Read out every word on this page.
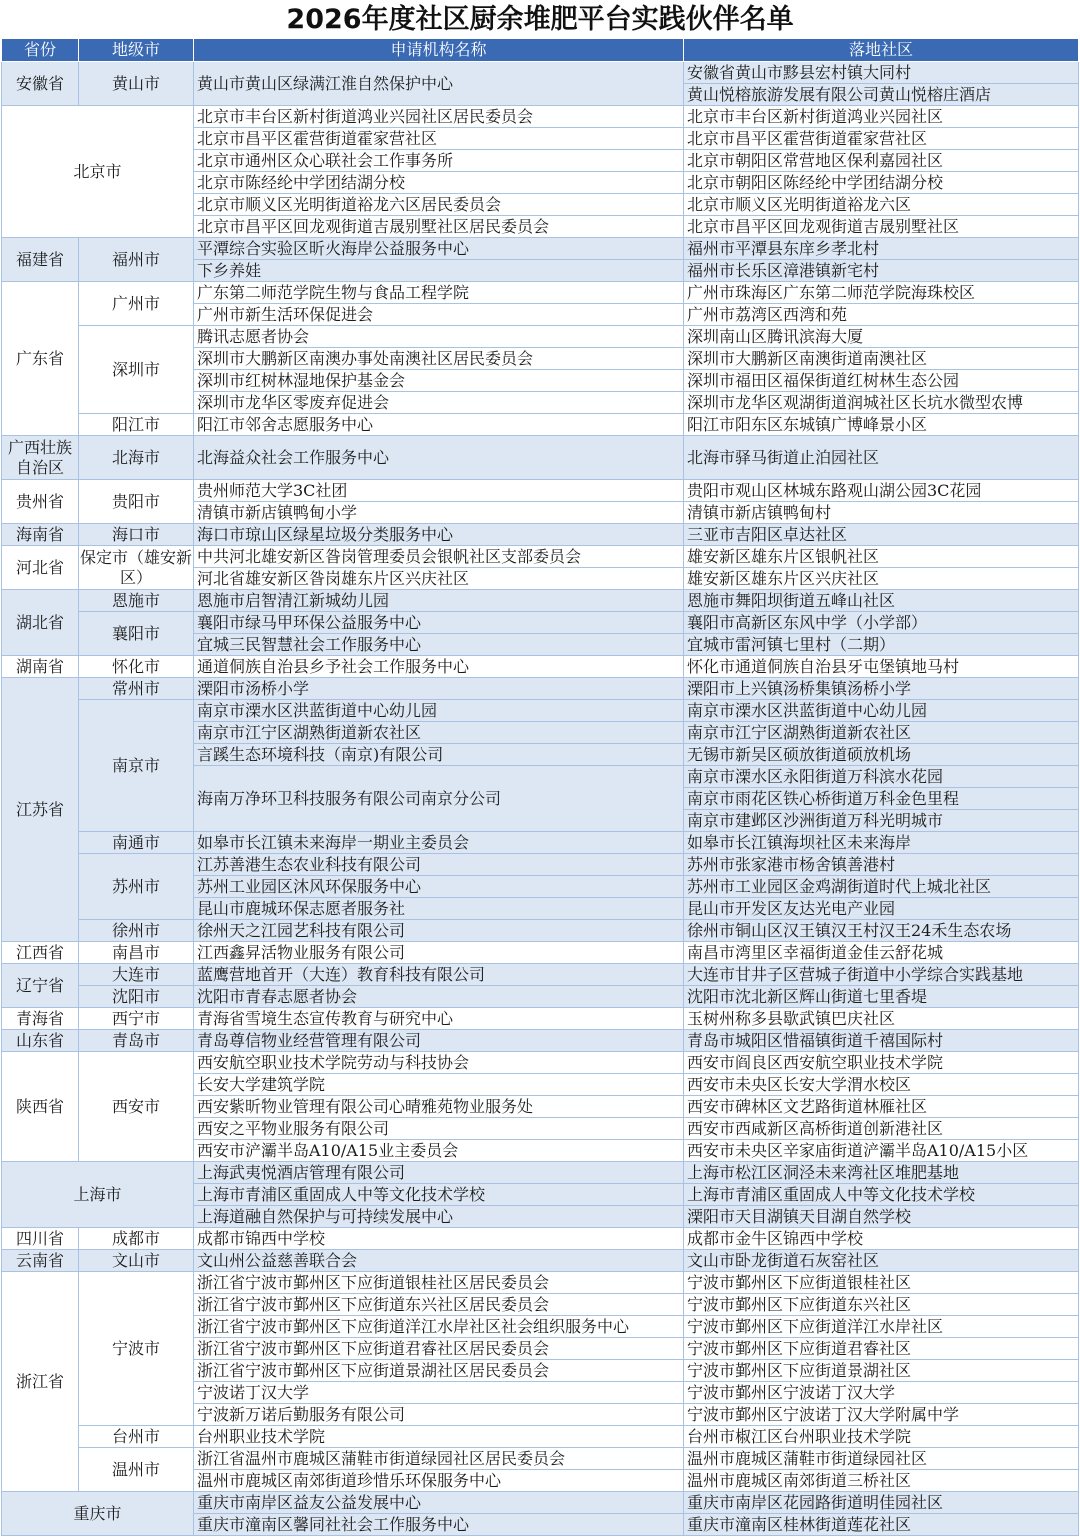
2026年度社区厨余堆肥平台实践伙伴名单
省份	地级市	申请机构名称	落地社区
安徽省	黄山市	黄山市黄山区绿满江淮自然保护中心	安徽省黄山市黟县宏村镇大同村
			黄山悦榕旅游发展有限公司黄山悦榕庄酒店
北京市		北京市丰台区新村街道鸿业兴园社区居民委员会	北京市丰台区新村街道鸿业兴园社区
		北京市昌平区霍营街道霍家营社区	北京市昌平区霍营街道霍家营社区
		北京市通州区众心联社会工作事务所	北京市朝阳区常营地区保利嘉园社区
		北京市陈经纶中学团结湖分校	北京市朝阳区陈经纶中学团结湖分校
		北京市顺义区光明街道裕龙六区居民委员会	北京市顺义区光明街道裕龙六区
		北京市昌平区回龙观街道吉晟别墅社区居民委员会	北京市昌平区回龙观街道吉晟别墅社区
福建省	福州市	平潭综合实验区昕火海岸公益服务中心	福州市平潭县东庠乡孝北村
		下乡养娃	福州市长乐区漳港镇新宅村
广东省	广州市	广东第二师范学院生物与食品工程学院	广州市珠海区广东第二师范学院海珠校区
		广州市新生活环保促进会	广州市荔湾区西湾和苑
	深圳市	腾讯志愿者协会	深圳南山区腾讯滨海大厦
		深圳市大鹏新区南澳办事处南澳社区居民委员会	深圳市大鹏新区南澳街道南澳社区
		深圳市红树林湿地保护基金会	深圳市福田区福保街道红树林生态公园
		深圳市龙华区零废弃促进会	深圳市龙华区观湖街道润城社区长坑水微型农博
	阳江市	阳江市邻舍志愿服务中心	阳江市阳东区东城镇广博峰景小区
广西壮族自治区	北海市	北海益众社会工作服务中心	北海市驿马街道止泊园社区
贵州省	贵阳市	贵州师范大学3C社团	贵阳市观山区林城东路观山湖公园3C花园
		清镇市新店镇鸭甸小学	清镇市新店镇鸭甸村
海南省	海口市	海口市琼山区绿星垃圾分类服务中心	三亚市吉阳区卓达社区
河北省	保定市（雄安新区）	中共河北雄安新区昝岗管理委员会银帆社区支部委员会	雄安新区雄东片区银帆社区
		河北省雄安新区昝岗雄东片区兴庆社区	雄安新区雄东片区兴庆社区
湖北省	恩施市	恩施市启智清江新城幼儿园	恩施市舞阳坝街道五峰山社区
	襄阳市	襄阳市绿马甲环保公益服务中心	襄阳市高新区东风中学（小学部）
		宜城三民智慧社会工作服务中心	宜城市雷河镇七里村（二期）
湖南省	怀化市	通道侗族自治县乡予社会工作服务中心	怀化市通道侗族自治县牙屯堡镇地马村
江苏省	常州市	溧阳市汤桥小学	溧阳市上兴镇汤桥集镇汤桥小学
	南京市	南京市溧水区洪蓝街道中心幼儿园	南京市溧水区洪蓝街道中心幼儿园
		南京市江宁区湖熟街道新农社区	南京市江宁区湖熟街道新农社区
		言蹊生态环境科技（南京)有限公司	无锡市新吴区硕放街道硕放机场
		海南万净环卫科技服务有限公司南京分公司	南京市溧水区永阳街道万科滨水花园
			南京市雨花区铁心桥街道万科金色里程
			南京市建邺区沙洲街道万科光明城市
	南通市	如皋市长江镇未来海岸一期业主委员会	如皋市长江镇海坝社区未来海岸
	苏州市	江苏善港生态农业科技有限公司	苏州市张家港市杨舍镇善港村
		苏州工业园区沐风环保服务中心	苏州市工业园区金鸡湖街道时代上城北社区
		昆山市鹿城环保志愿者服务社	昆山市开发区友达光电产业园
	徐州市	徐州天之江园艺科技有限公司	徐州市铜山区汉王镇汉王村汉王24禾生态农场
江西省	南昌市	江西鑫昇活物业服务有限公司	南昌市湾里区幸福街道金佳云舒花城
辽宁省	大连市	蓝鹰营地首开（大连）教育科技有限公司	大连市甘井子区营城子街道中小学综合实践基地
	沈阳市	沈阳市青春志愿者协会	沈阳市沈北新区辉山街道七里香堤
青海省	西宁市	青海省雪境生态宣传教育与研究中心	玉树州称多县歇武镇巴庆社区
山东省	青岛市	青岛尊信物业经营管理有限公司	青岛市城阳区惜福镇街道千禧国际村
陕西省	西安市	西安航空职业技术学院劳动与科技协会	西安市阎良区西安航空职业技术学院
		长安大学建筑学院	西安市未央区长安大学渭水校区
		西安紫昕物业管理有限公司心晴雅苑物业服务处	西安市碑林区文艺路街道林雁社区
		西安之平物业服务有限公司	西安市西咸新区高桥街道创新港社区
		西安市浐灞半岛A10/A15业主委员会	西安市未央区辛家庙街道浐灞半岛A10/A15小区
上海市		上海武夷悦酒店管理有限公司	上海市松江区洞泾未来湾社区堆肥基地
		上海市青浦区重固成人中等文化技术学校	上海市青浦区重固成人中等文化技术学校
		上海道融自然保护与可持续发展中心	溧阳市天目湖镇天目湖自然学校
四川省	成都市	成都市锦西中学校	成都市金牛区锦西中学校
云南省	文山市	文山州公益慈善联合会	文山市卧龙街道石灰窑社区
浙江省	宁波市	浙江省宁波市鄞州区下应街道银桂社区居民委员会	宁波市鄞州区下应街道银桂社区
		浙江省宁波市鄞州区下应街道东兴社区居民委员会	宁波市鄞州区下应街道东兴社区
		浙江省宁波市鄞州区下应街道洋江水岸社区社会组织服务中心	宁波市鄞州区下应街道洋江水岸社区
		浙江省宁波市鄞州区下应街道君睿社区居民委员会	宁波市鄞州区下应街道君睿社区
		浙江省宁波市鄞州区下应街道景湖社区居民委员会	宁波市鄞州区下应街道景湖社区
		宁波诺丁汉大学	宁波市鄞州区宁波诺丁汉大学
		宁波新万诺后勤服务有限公司	宁波市鄞州区宁波诺丁汉大学附属中学
	台州市	台州职业技术学院	台州市椒江区台州职业技术学院
	温州市	浙江省温州市鹿城区蒲鞋市街道绿园社区居民委员会	温州市鹿城区蒲鞋市街道绿园社区
		温州市鹿城区南郊街道珍惜乐环保服务中心	温州市鹿城区南郊街道三桥社区
重庆市		重庆市南岸区益友公益发展中心	重庆市南岸区花园路街道明佳园社区
		重庆市潼南区馨同社社会工作服务中心	重庆市潼南区桂林街道莲花社区
